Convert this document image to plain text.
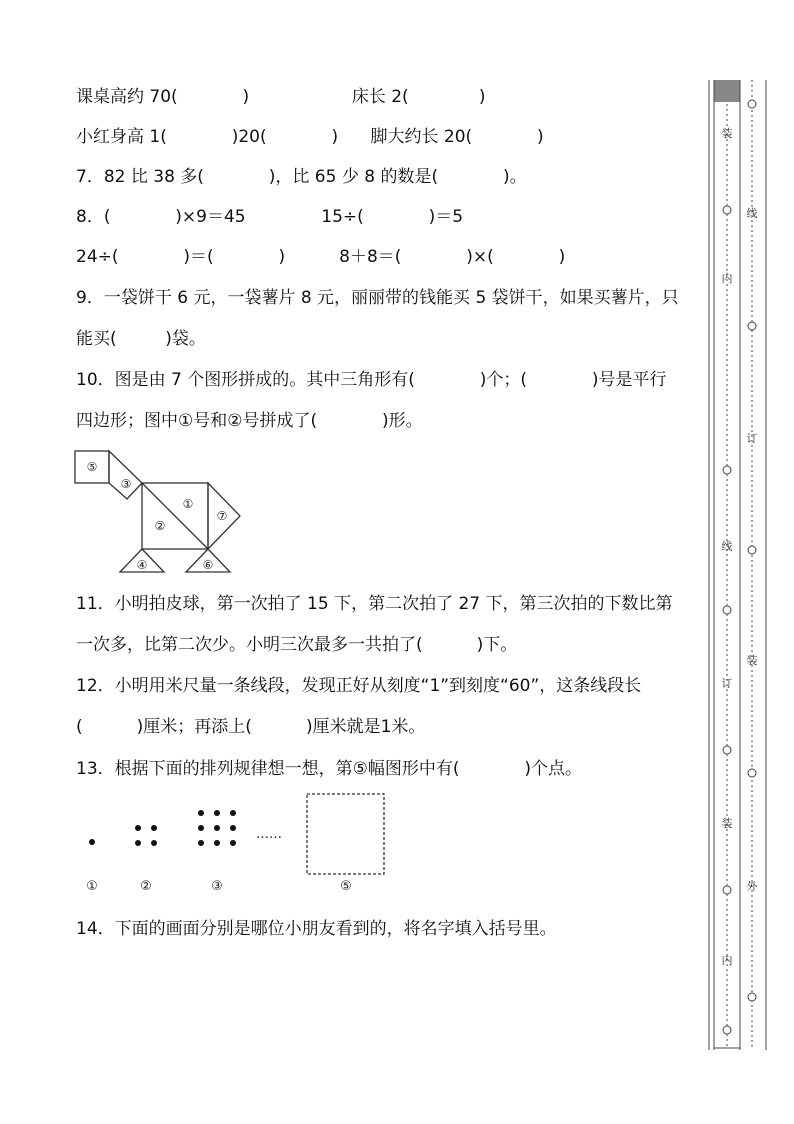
课桌高约 70(            )                   床长 2(             )
小红身高 1(            )20(            )      脚大约长 20(            )
7．82 比 38 多(            )，比 65 少 8 的数是(            )。
8．(            )×9＝45              15÷(            )＝5
24÷(            )＝(            )          8＋8＝(            )×(            )
9．一袋饼干 6 元，一袋薯片 8 元，丽丽带的钱能买 5 袋饼干，如果买薯片，只
能买(         )袋。
10．图是由 7 个图形拼成的。其中三角形有(            )个；(            )号是平行
四边形；图中①号和②号拼成了(            )形。
⑤
③
①
②
⑦
④	⑥
11．小明拍皮球，第一次拍了 15 下，第二次拍了 27 下，第三次拍的下数比第
一次多，比第二次少。小明三次最多一共拍了(          )下。
12．小明用米尺量一条线段，发现正好从刻度“1”到刻度“60”，这条线段长
(          )厘米；再添上(          )厘米就是1米。
13．根据下面的排列规律想一想，第⑤幅图形中有(            )个点。
……
①	②	③	⑤
14．下面的画面分别是哪位小朋友看到的，将名字填入括号里。
装
内
线
订
装
内
线
订
装
外
